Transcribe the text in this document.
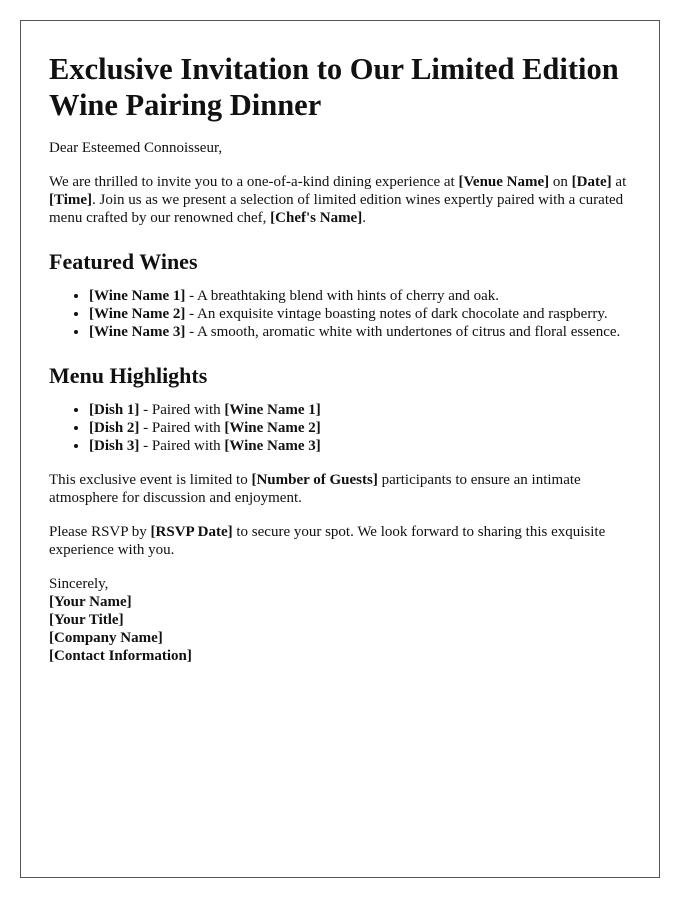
Exclusive Invitation to Our Limited Edition Wine Pairing Dinner

Dear Esteemed Connoisseur,

We are thrilled to invite you to a one-of-a-kind dining experience at [Venue Name] on [Date] at [Time]. Join us as we present a selection of limited edition wines expertly paired with a curated menu crafted by our renowned chef, [Chef's Name].

Featured Wines
• [Wine Name 1] - A breathtaking blend with hints of cherry and oak.
• [Wine Name 2] - An exquisite vintage boasting notes of dark chocolate and raspberry.
• [Wine Name 3] - A smooth, aromatic white with undertones of citrus and floral essence.
Menu Highlights
• [Dish 1] - Paired with [Wine Name 1]
• [Dish 2] - Paired with [Wine Name 2]
• [Dish 3] - Paired with [Wine Name 3]

This exclusive event is limited to [Number of Guests] participants to ensure an intimate atmosphere for discussion and enjoyment.

Please RSVP by [RSVP Date] to secure your spot. We look forward to sharing this exquisite experience with you.

Sincerely,
[Your Name]
[Your Title]
[Company Name]
[Contact Information]
